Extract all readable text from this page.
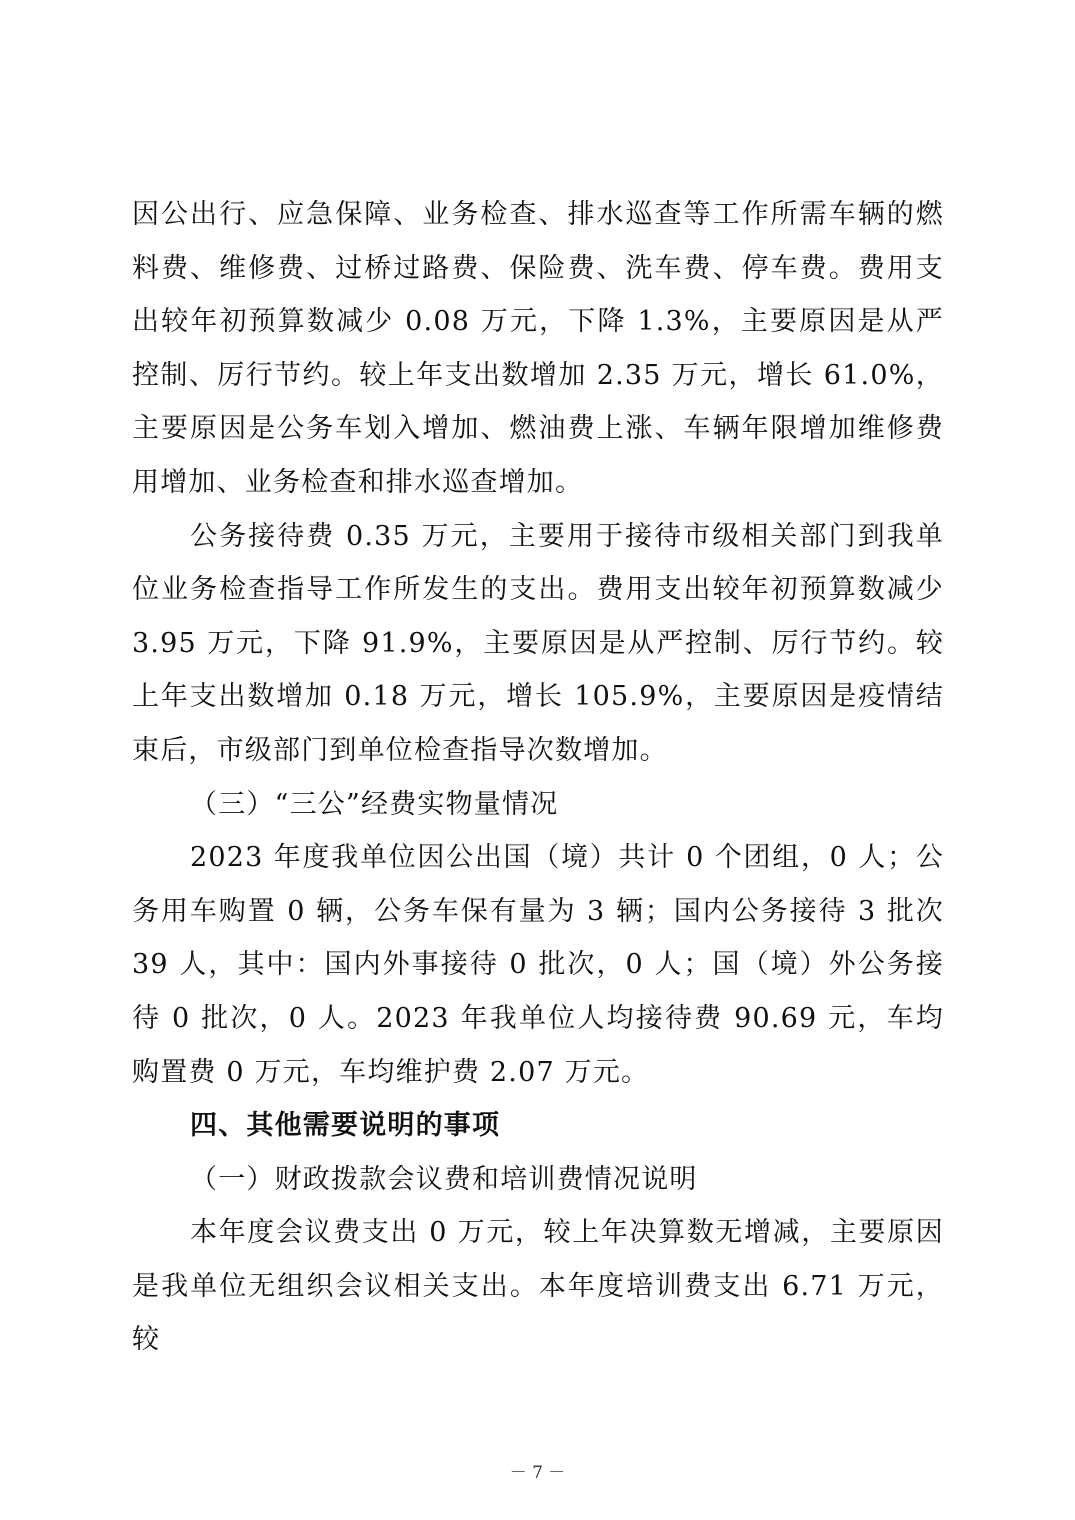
因公出行、应急保障、业务检查、排水巡查等工作所需车辆的燃料费、维修费、过桥过路费、保险费、洗车费、停车费。费用支出较年初预算数减少 0.08 万元，下降 1.3%，主要原因是从严控制、厉行节约。较上年支出数增加 2.35 万元，增长 61.0%，主要原因是公务车划入增加、燃油费上涨、车辆年限增加维修费用增加、业务检查和排水巡查增加。

公务接待费 0.35 万元，主要用于接待市级相关部门到我单位业务检查指导工作所发生的支出。费用支出较年初预算数减少 3.95 万元，下降 91.9%，主要原因是从严控制、厉行节约。较上年支出数增加 0.18 万元，增长 105.9%，主要原因是疫情结束后，市级部门到单位检查指导次数增加。

（三）“三公”经费实物量情况

2023 年度我单位因公出国（境）共计 0 个团组，0 人；公务用车购置 0 辆，公务车保有量为 3 辆；国内公务接待 3 批次 39 人，其中：国内外事接待 0 批次，0 人；国（境）外公务接待 0 批次，0 人。2023 年我单位人均接待费 90.69 元，车均购置费 0 万元，车均维护费 2.07 万元。

四、其他需要说明的事项

（一）财政拨款会议费和培训费情况说明

本年度会议费支出 0 万元，较上年决算数无增减，主要原因是我单位无组织会议相关支出。本年度培训费支出 6.71 万元，较

－ 7 －
